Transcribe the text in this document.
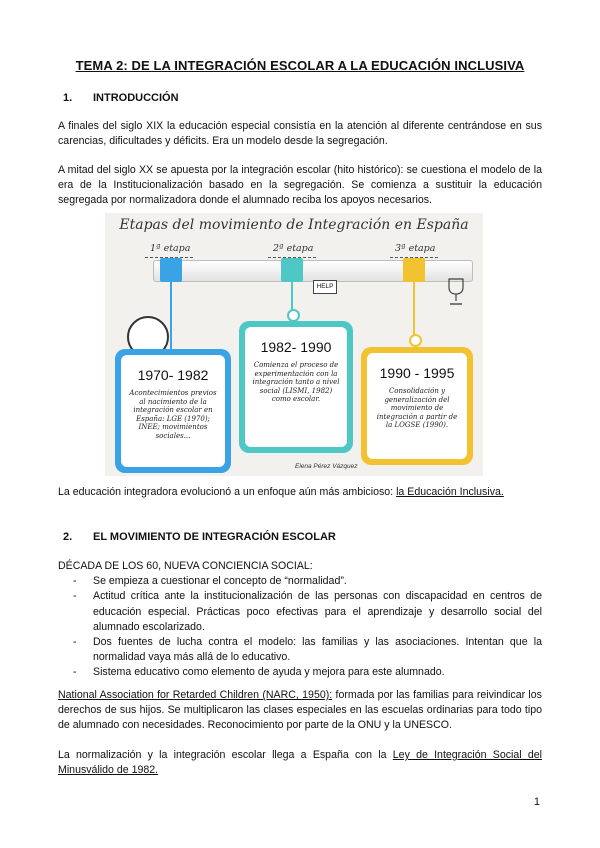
TEMA 2: DE LA INTEGRACIÓN ESCOLAR A LA EDUCACIÓN INCLUSIVA
1. INTRODUCCIÓN
A finales del siglo XIX la educación especial consistía en la atención al diferente centrándose en sus carencias, dificultades y déficits. Era un modelo desde la segregación.
A mitad del siglo XX se apuesta por la integración escolar (hito histórico): se cuestiona el modelo de la era de la Institucionalización basado en la segregación. Se comienza a sustituir la educación segregada por normalizadora donde el alumnado reciba los apoyos necesarios.
Etapas del movimiento de Integración en España
1ª etapa	2ª etapa	3ª etapa
HELP
1970- 1982
Acontecimientos previos al nacimiento de la integración escolar en España: LGE (1970); INEE; movimientos sociales...
1982- 1990
Comienza el proceso de experimentación con la integración tanto a nivel social (LISMI, 1982) como escolar.
1990 - 1995
Consolidación y generalización del movimiento de integración a partir de la LOGSE (1990).
Elena Pérez Vázquez
La educación integradora evolucionó a un enfoque aún más ambicioso: la Educación Inclusiva.
2. EL MOVIMIENTO DE INTEGRACIÓN ESCOLAR
DÉCADA DE LOS 60, NUEVA CONCIENCIA SOCIAL:
- Se empieza a cuestionar el concepto de “normalidad”.
- Actitud crítica ante la institucionalización de las personas con discapacidad en centros de educación especial. Prácticas poco efectivas para el aprendizaje y desarrollo social del alumnado escolarizado.
- Dos fuentes de lucha contra el modelo: las familias y las asociaciones. Intentan que la normalidad vaya más allá de lo educativo.
- Sistema educativo como elemento de ayuda y mejora para este alumnado.
National Association for Retarded Children (NARC, 1950): formada por las familias para reivindicar los derechos de sus hijos. Se multiplicaron las clases especiales en las escuelas ordinarias para todo tipo de alumnado con necesidades. Reconocimiento por parte de la ONU y la UNESCO.
La normalización y la integración escolar llega a España con la Ley de Integración Social del Minusválido de 1982.
1
